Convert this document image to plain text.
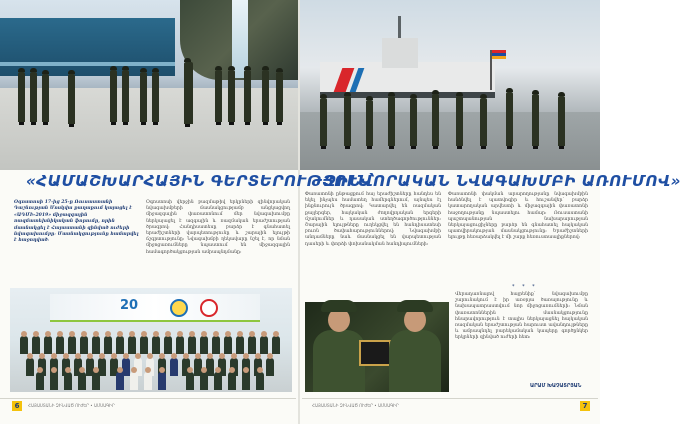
«ՀԱՄԱՇԽԱՐՀԱՅԻՆ ԳԵՐՏԵՐՈՒԹՅՈՒՆ՝
ԶԻՆՎՈՐԱԿԱՆ ՆՎԱԳԱԽՄԲԻ ԱՌՈՒՄՈՎ»

Օգոստոսի 17-ից 25-ը Ռուսաստանի Դաշնության Մոսկվա քաղաքում կայացել է «ԱԴՄԻ-2019» միջազգային ռազմատեխնիկական ֆորումը, որին մասնակցել է Հայաստանի զինված ուժերի նվագախումբը։ Մասնակցությունը համարվել է հաջողված։

Օգոստոսի վերջին բազմաթիվ երկրների զինվորական նվագախմբերի մասնակցությամբ անցկացվող միջազգային փառատոնում մեր նվագախումբը ներկայացել է ազգային և ռազմական երաժշտության ծրագրով։ Հանդիսատեսը բարձր է գնահատել երաժիշտների վարպետությունը և շարային ելույթի ճշգրտությունը։ Նվագախմբի ղեկավարը նշել է, որ նման միջոցառումները նպաստում են միջազգային համագործակցության ամրապնդմանը։

Փառատոնի ընթացքում հայ երաժիշտները հանդես են եկել ինչպես համատեղ համերգներում, այնպես էլ ինքնուրույն ծրագրով։ Կատարվել են ռազմական քայլերգեր, հայկական ժողովրդական երգերի մշակումներ և դասական ստեղծագործություններ։ Շարային ելույթները ուղեկցվել են հանդիսատեսի բուռն ծափահարություններով։ Նվագախմբի անդամները նաև մասնակցել են վարպետության դասերի և փորձի փոխանակման հանդիպումների։

Փառատոնի փակման արարողությանը նվագախմբին հանձնվել է պատվոգիր և հուշանվեր՝ բարձր կատարողական արվեստի և միջազգային փառատոնի հաջողությանը նպաստելու համար։ Ռուսաստանի պաշտպանության նախարարության ներկայացուցիչները բարձր են գնահատել հայկական պատվիրակության մասնակցությունը։ Երաժիշտների ելույթը հեռարձակվել է մի շարք հեռուստաալիքներով։

* * *

Վերադառնալով հայրենիք՝ նվագախումբը շարունակում է իր առօրյա ծառայությունը և նախապատրաստվում նոր միջոցառումների։ Նման փառատոններին մասնակցությունը հնարավորություն է տալիս ներկայացնել հայկական ռազմական երաժշտության հարուստ ավանդույթները և ամրապնդել բարեկամական կապերը գործընկեր երկրների զինված ուժերի հետ։

20

ԱՐԱՄ ԽԱՉԱՏՐՅԱՆ

6	ՀԱՅԱՍՏԱՆԻ ԶԻՆՎԱԾ ՈՒԺԵՐ • ԱՄՍԱԳԻՐ	ՀԱՅԱՍՏԱՆԻ ԶԻՆՎԱԾ ՈՒԺԵՐ • ԱՄՍԱԳԻՐ	7
